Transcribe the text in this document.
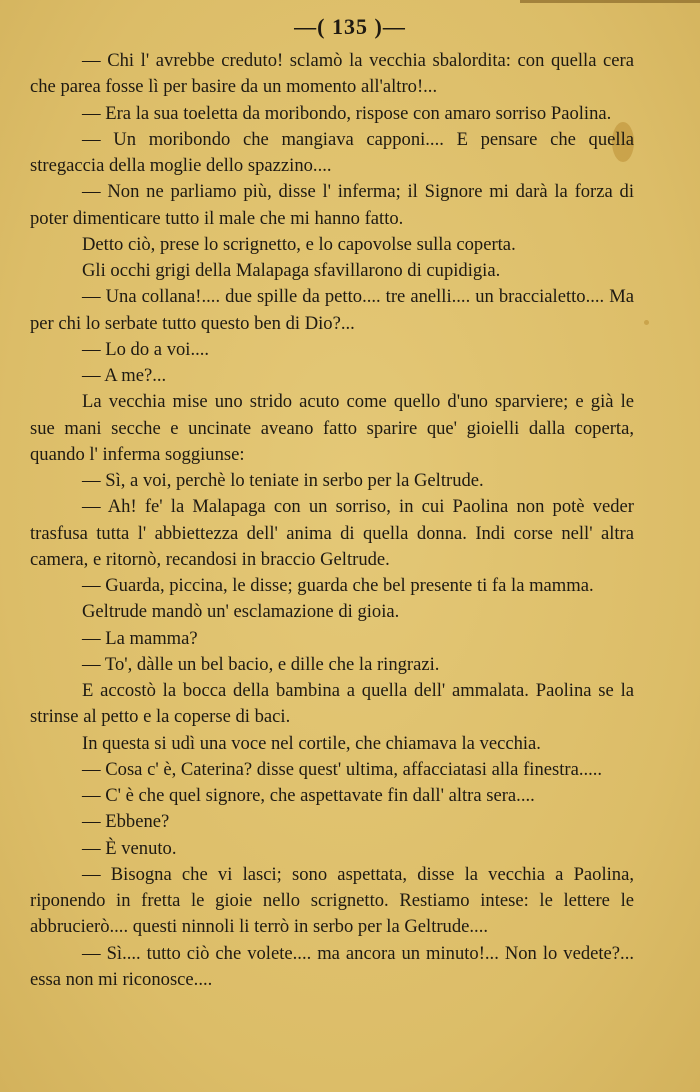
—( 135 )—

— Chi l' avrebbe creduto! sclamò la vecchia sbalordita: con quella cera che parea fosse lì per basire da un momento all'altro!...

— Era la sua toeletta da moribondo, rispose con amaro sorriso Paolina.

— Un moribondo che mangiava capponi.... E pensare che quella stregaccia della moglie dello spazzino....

— Non ne parliamo più, disse l' inferma; il Signore mi darà la forza di poter dimenticare tutto il male che mi hanno fatto.

Detto ciò, prese lo scrignetto, e lo capovolse sulla coperta.

Gli occhi grigi della Malapaga sfavillarono di cupidigia.

— Una collana!.... due spille da petto.... tre anelli.... un braccialetto.... Ma per chi lo serbate tutto questo ben di Dio?...

— Lo do a voi....

— A me?...

La vecchia mise uno strido acuto come quello d'uno sparviere; e già le sue mani secche e uncinate aveano fatto sparire que' gioielli dalla coperta, quando l' inferma soggiunse:

— Sì, a voi, perchè lo teniate in serbo per la Geltrude.

— Ah! fe' la Malapaga con un sorriso, in cui Paolina non potè veder trasfusa tutta l' abbiettezza dell' anima di quella donna. Indi corse nell' altra camera, e ritornò, recandosi in braccio Geltrude.

— Guarda, piccina, le disse; guarda che bel presente ti fa la mamma.

Geltrude mandò un' esclamazione di gioia.

— La mamma?

— To', dàlle un bel bacio, e dille che la ringrazi.

E accostò la bocca della bambina a quella dell' ammalata. Paolina se la strinse al petto e la coperse di baci.

In questa si udì una voce nel cortile, che chiamava la vecchia.

— Cosa c' è, Caterina? disse quest' ultima, affacciatasi alla finestra.....

— C' è che quel signore, che aspettavate fin dall' altra sera....

— Ebbene?

— È venuto.

— Bisogna che vi lasci; sono aspettata, disse la vecchia a Paolina, riponendo in fretta le gioie nello scrignetto. Restiamo intese: le lettere le abbrucierò.... questi ninnoli li terrò in serbo per la Geltrude....

— Sì.... tutto ciò che volete.... ma ancora un minuto!... Non lo vedete?... essa non mi riconosce....
